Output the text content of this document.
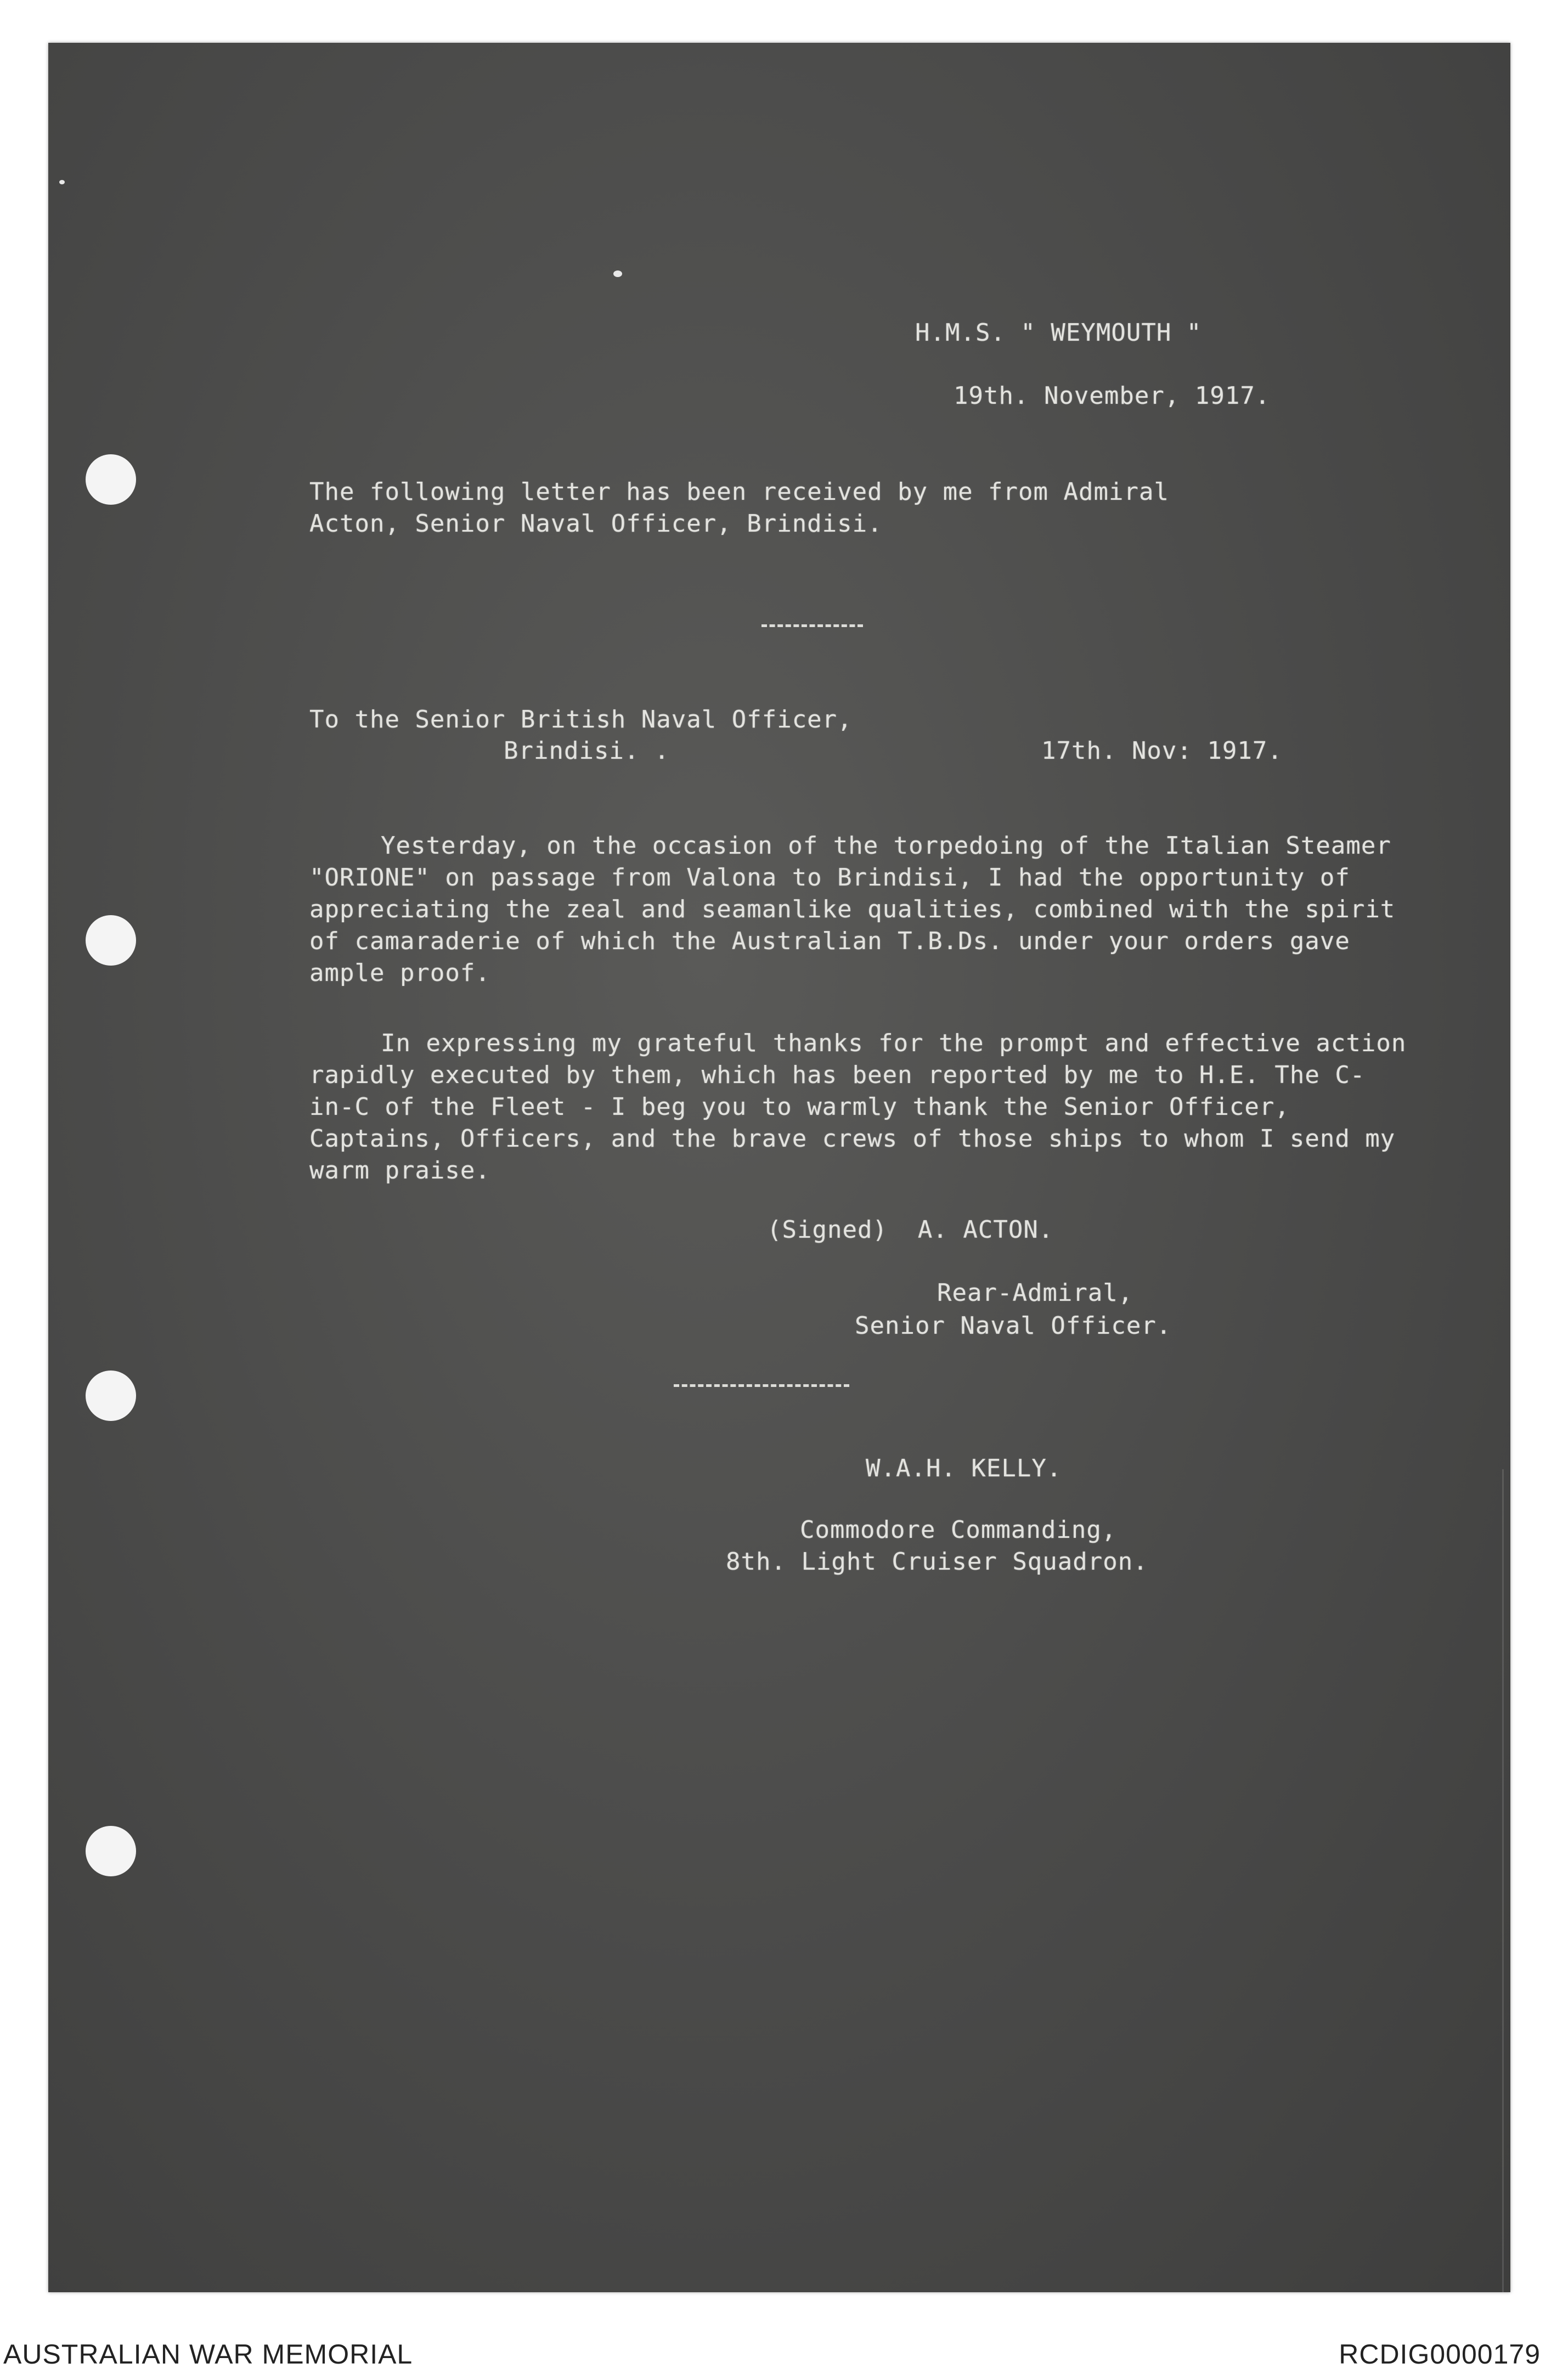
H.M.S. " WEYMOUTH "

19th. November, 1917.

The following letter has been received by me from Admiral
Acton, Senior Naval Officer, Brindisi.

To the Senior British Naval Officer,

Brindisi. .	17th. Nov: 1917.

Yesterday, on the occasion of the torpedoing of the Italian Steamer "ORIONE" on passage from Valona to Brindisi, I had the opportunity of appreciating the zeal and seamanlike qualities, combined with the spirit of camaraderie of which the Australian T.B.Ds. under your orders gave ample proof.

In expressing my grateful thanks for the prompt and effective action rapidly executed by them, which has been reported by me to H.E. The C-in-C of the Fleet - I beg you to warmly thank the Senior Officer, Captains, Officers, and the brave crews of those ships to whom I send my warm praise.

(Signed)  A. ACTON.

Rear-Admiral,

Senior Naval Officer.

W.A.H. KELLY.

Commodore Commanding,

8th. Light Cruiser Squadron.

AUSTRALIAN WAR MEMORIAL	RCDIG0000179
